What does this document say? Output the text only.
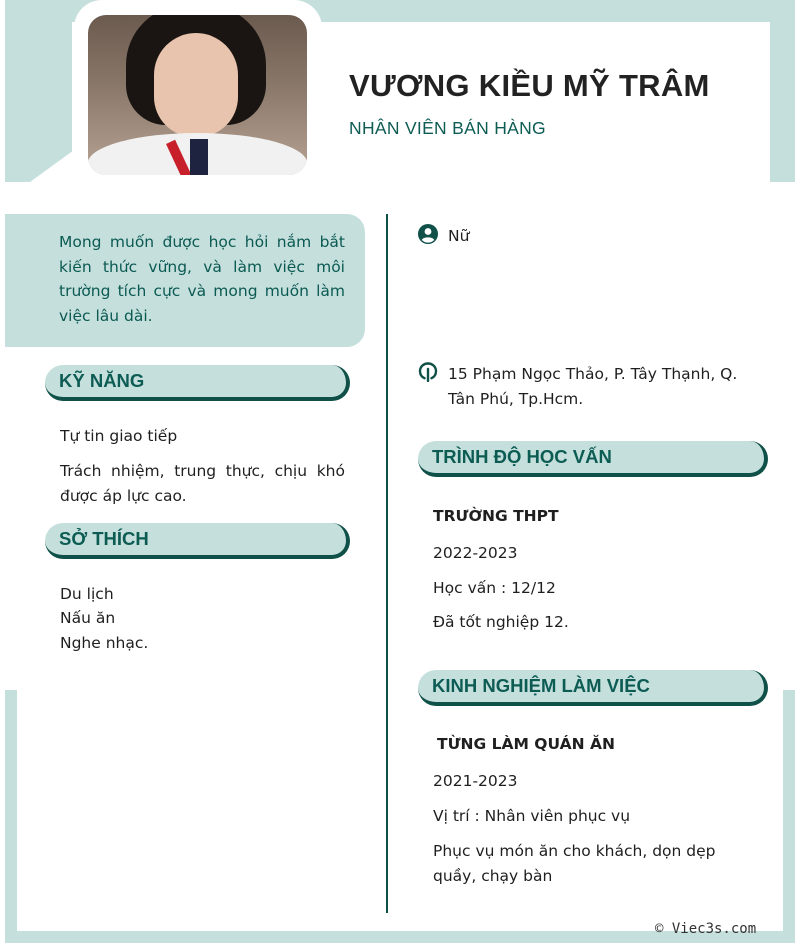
VƯƠNG KIỀU MỸ TRÂM
NHÂN VIÊN BÁN HÀNG

Mong muốn được học hỏi nắm bắt kiến thức vững, và làm việc môi trường tích cực và mong muốn làm việc lâu dài.

KỸ NĂNG
Tự tin giao tiếp
Trách nhiệm, trung thực, chịu khó được áp lực cao.
SỞ THÍCH
Du lịch
Nấu ăn
Nghe nhạc.
Nữ
15 Phạm Ngọc Thảo, P. Tây Thạnh, Q. Tân Phú, Tp.Hcm.
TRÌNH ĐỘ HỌC VẤN
TRƯỜNG THPT
2022-2023
Học vấn : 12/12
Đã tốt nghiệp 12.
KINH NGHIỆM LÀM VIỆC
TỪNG LÀM QUÁN ĂN
2021-2023
Vị trí : Nhân viên phục vụ
Phục vụ món ăn cho khách, dọn dẹp quầy, chạy bàn
© Viec3s.com
